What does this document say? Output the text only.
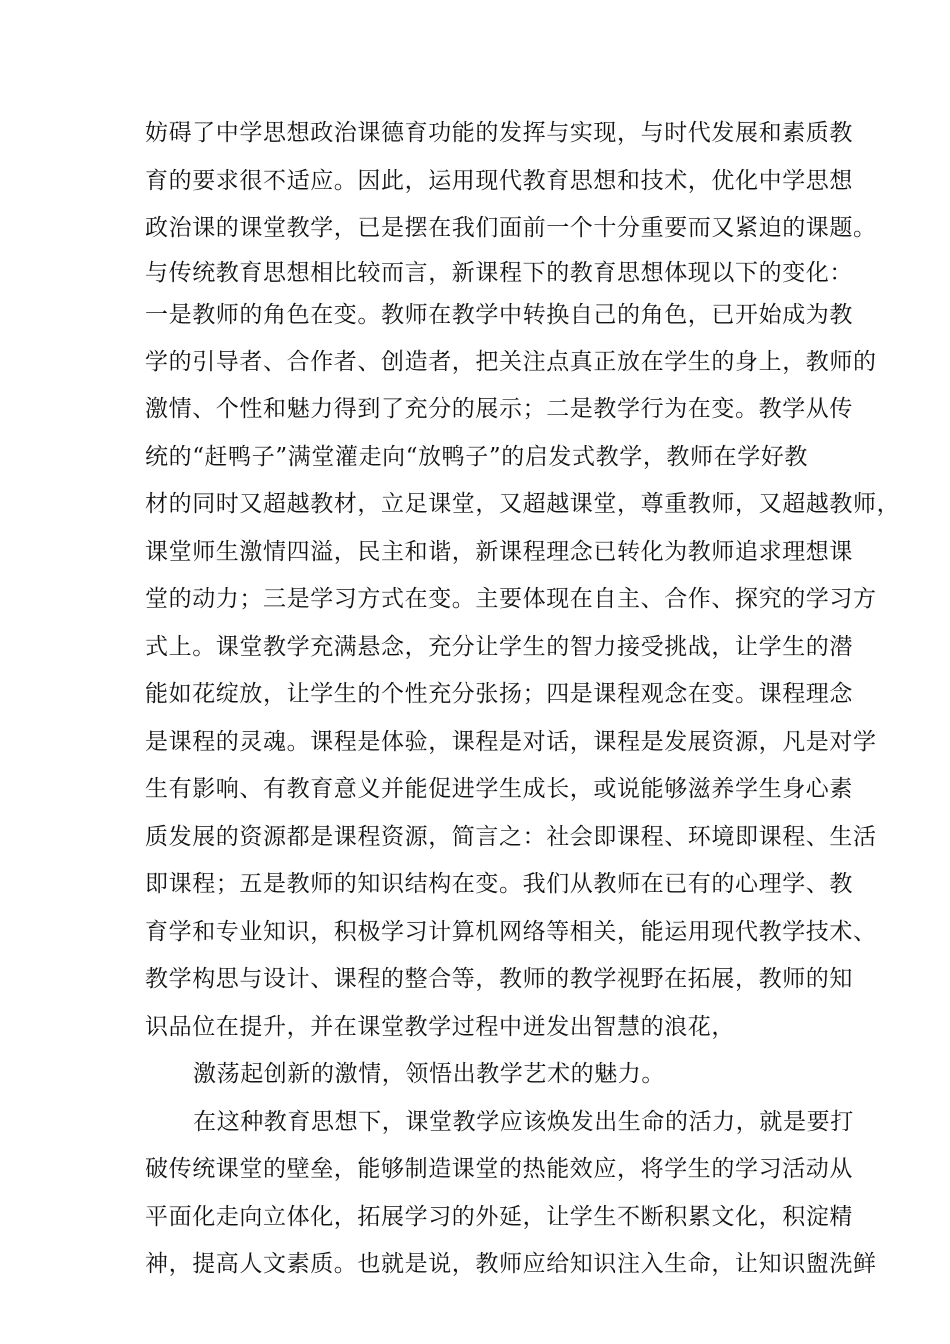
妨碍了中学思想政治课德育功能的发挥与实现，与时代发展和素质教
育的要求很不适应。因此，运用现代教育思想和技术，优化中学思想
政治课的课堂教学，已是摆在我们面前一个十分重要而又紧迫的课题。
与传统教育思想相比较而言，新课程下的教育思想体现以下的变化：
一是教师的角色在变。教师在教学中转换自己的角色，已开始成为教
学的引导者、合作者、创造者，把关注点真正放在学生的身上，教师的
激情、个性和魅力得到了充分的展示；二是教学行为在变。教学从传
统的“赶鸭子”满堂灌走向“放鸭子”的启发式教学，教师在学好教
材的同时又超越教材，立足课堂，又超越课堂，尊重教师，又超越教师，
课堂师生激情四溢，民主和谐，新课程理念已转化为教师追求理想课
堂的动力；三是学习方式在变。主要体现在自主、合作、探究的学习方
式上。课堂教学充满悬念，充分让学生的智力接受挑战，让学生的潜
能如花绽放，让学生的个性充分张扬；四是课程观念在变。课程理念
是课程的灵魂。课程是体验，课程是对话，课程是发展资源，凡是对学
生有影响、有教育意义并能促进学生成长，或说能够滋养学生身心素
质发展的资源都是课程资源，简言之：社会即课程、环境即课程、生活
即课程；五是教师的知识结构在变。我们从教师在已有的心理学、教
育学和专业知识，积极学习计算机网络等相关，能运用现代教学技术、
教学构思与设计、课程的整合等，教师的教学视野在拓展，教师的知
识品位在提升，并在课堂教学过程中迸发出智慧的浪花，
激荡起创新的激情，领悟出教学艺术的魅力。
在这种教育思想下，课堂教学应该焕发出生命的活力，就是要打
破传统课堂的壁垒，能够制造课堂的热能效应，将学生的学习活动从
平面化走向立体化，拓展学习的外延，让学生不断积累文化，积淀精
神，提高人文素质。也就是说，教师应给知识注入生命，让知识盥洗鲜
